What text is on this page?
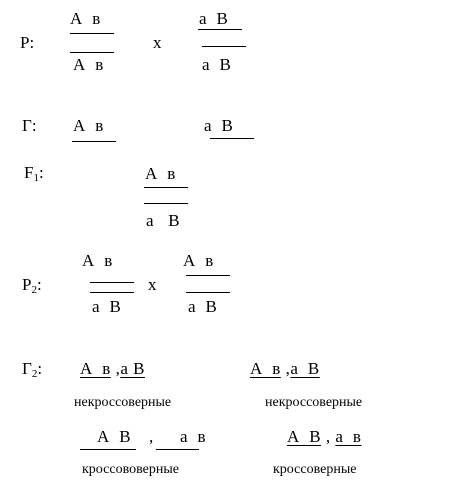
P:
А  в
А  в
x
а  В
а  В
Г: А  в	а  В
$F_1$:	А  в
а   В
$P_2$:
А  в
а  В
x
А  в
а  В
$Г_2$: А  в ,а В
некроссоверные
А  в ,а  В
некроссоверные
А  В , а  в
кроссововерные
А  В , а  в
кроссоверные
